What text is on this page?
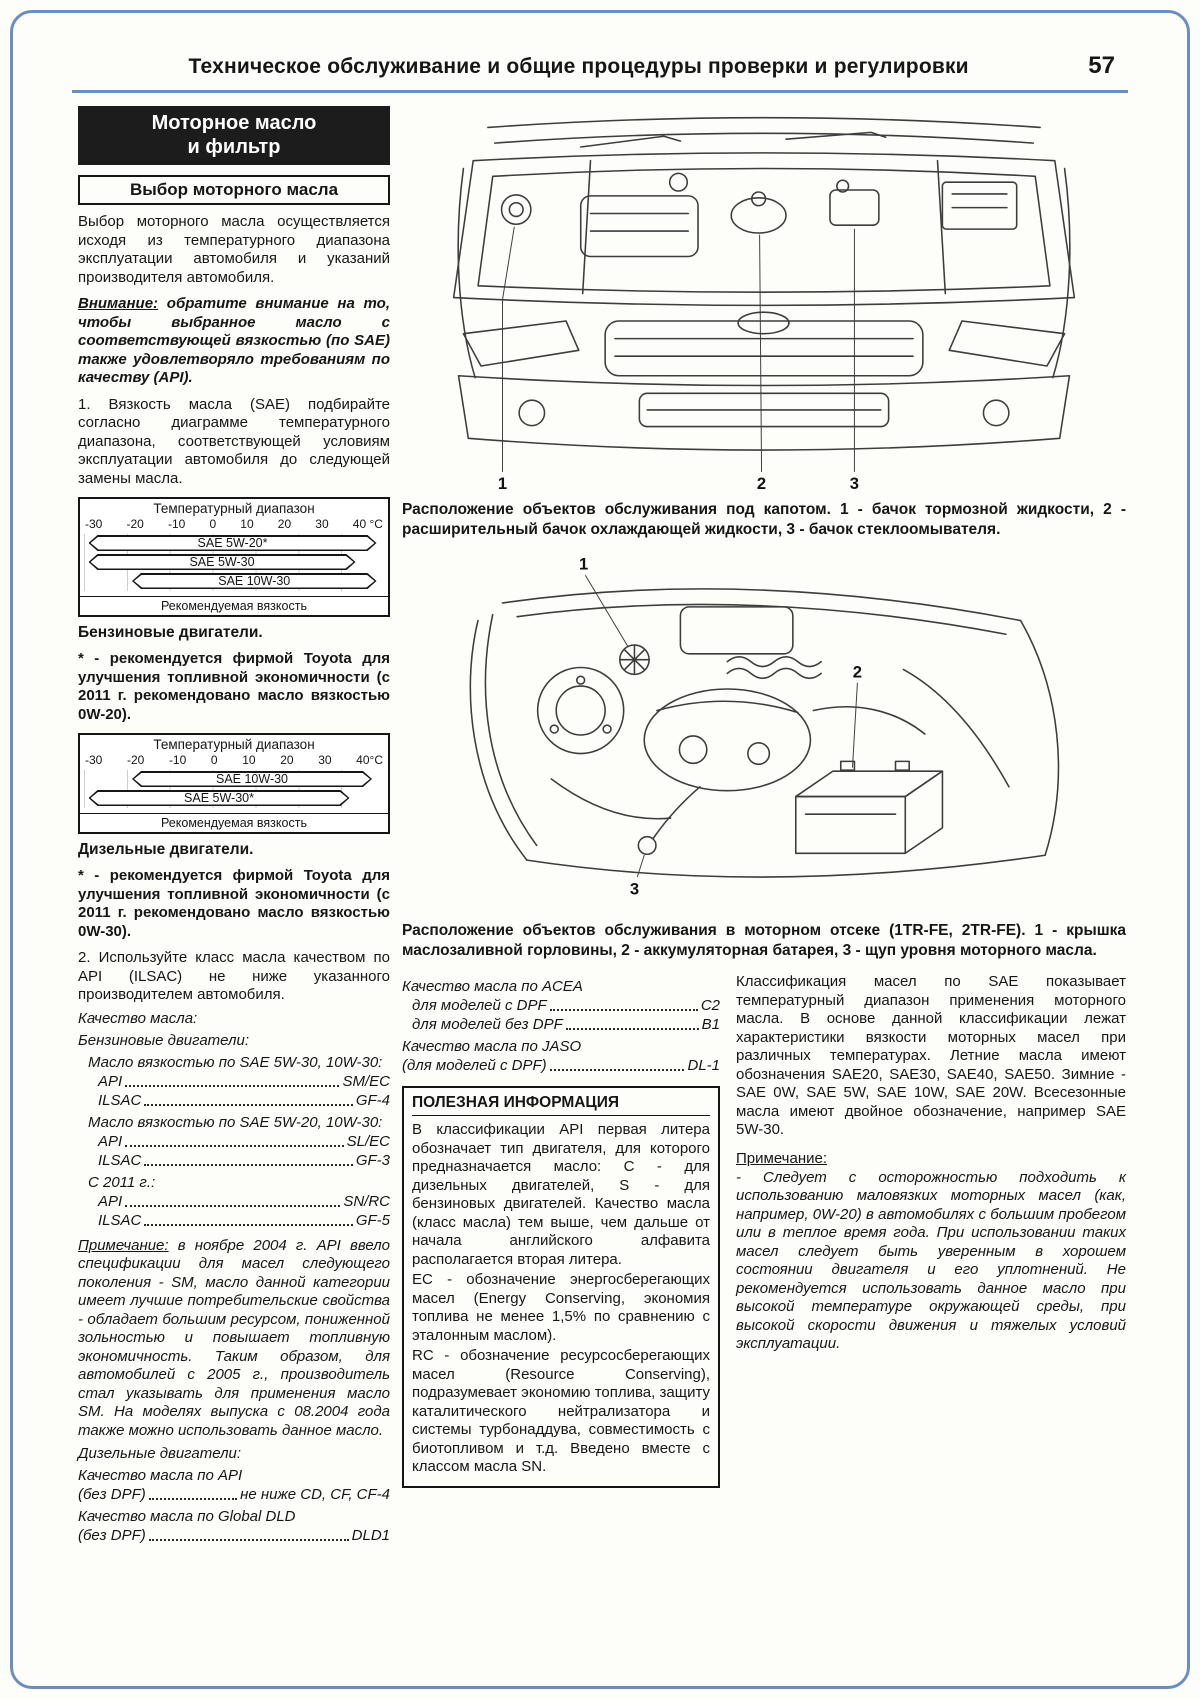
Техническое обслуживание и общие процедуры проверки и регулировки	57
Моторное масло
и фильтр
Выбор моторного масла

Выбор моторного масла осуществляется исходя из температурного диапазона эксплуатации автомобиля и указаний производителя автомобиля.

Внимание: обратите внимание на то, чтобы выбранное масло с соответствующей вязкостью (по SAE) также удовлетворяло требованиям по качеству (API).

1. Вязкость масла (SAE) подбирайте согласно диаграмме температурного диапазона, соответствующей условиям эксплуатации автомобиля до следующей замены масла.

Температурный диапазон
-30 -20 -10 0 10 20 30 40 °C
SAE 5W-20*
SAE 5W-30
SAE 10W-30
Рекомендуемая вязкость
Бензиновые двигатели.

* - рекомендуется фирмой Toyota для улучшения топливной экономичности (с 2011 г. рекомендовано масло вязкостью 0W-20).

Температурный диапазон
-30 -20 -10 0 10 20 30 40°C
SAE 10W-30
SAE 5W-30*
Рекомендуемая вязкость
Дизельные двигатели.

* - рекомендуется фирмой Toyota для улучшения топливной экономичности (с 2011 г. рекомендовано масло вязкостью 0W-30).

2. Используйте класс масла качеством по API (ILSAC) не ниже указанного производителем автомобиля.

Качество масла:
Бензиновые двигатели:
Масло вязкостью по SAE 5W-30, 10W-30:
API	SM/EC
ILSAC	GF-4
Масло вязкостью по SAE 5W-20, 10W-30:
API	SL/EC
ILSAC	GF-3
С 2011 г.:
API	SN/RC
ILSAC	GF-5

Примечание: в ноябре 2004 г. API ввело спецификации для масел следующего поколения - SM, масло данной категории имеет лучшие потребительские свойства - обладает большим ресурсом, пониженной зольностью и повышает топливную экономичность. Таким образом, для автомобилей с 2005 г., производитель стал указывать для применения масло SM. На моделях выпуска с 08.2004 года также можно использовать данное масло.

Дизельные двигатели:
Качество масла по API
(без DPF)	не ниже CD, CF, CF-4
Качество масла по Global DLD
(без DPF)	DLD1
1	2	3
Расположение объектов обслуживания под капотом. 1 - бачок тормозной жидкости, 2 - расширительный бачок охлаждающей жидкости, 3 - бачок стеклоомывателя.
1
2
3
Расположение объектов обслуживания в моторном отсеке (1TR-FE, 2TR-FE). 1 - крышка маслозаливной горловины, 2 - аккумуляторная батарея, 3 - щуп уровня моторного масла.
Качество масла по ACEA
для моделей с DPF	C2
для моделей без DPF	B1
Качество масла по JASO
(для моделей с DPF)	DL-1
ПОЛЕЗНАЯ ИНФОРМАЦИЯ

В классификации API первая литера обозначает тип двигателя, для которого предназначается масло: C - для дизельных двигателей, S - для бензиновых двигателей. Качество масла (класс масла) тем выше, чем дальше от начала английского алфавита располагается вторая литера.

EC - обозначение энергосберегающих масел (Energy Conserving, экономия топлива не менее 1,5% по сравнению с эталонным маслом).

RC - обозначение ресурсосберегающих масел (Resource Conserving), подразумевает экономию топлива, защиту каталитического нейтрализатора и системы турбонаддува, совместимость с биотопливом и т.д. Введено вместе с классом масла SN.

Классификация масел по SAE показывает температурный диапазон применения моторного масла. В основе данной классификации лежат характеристики вязкости моторных масел при различных температурах. Летние масла имеют обозначения SAE20, SAE30, SAE40, SAE50. Зимние - SAE 0W, SAE 5W, SAE 10W, SAE 20W. Всесезонные масла имеют двойное обозначение, например SAE 5W-30.

Примечание:

- Следует с осторожностью подходить к использованию маловязких моторных масел (как, например, 0W-20) в автомобилях с большим пробегом или в теплое время года. При использовании таких масел следует быть уверенным в хорошем состоянии двигателя и его уплотнений. Не рекомендуется использовать данное масло при высокой температуре окружающей среды, при высокой скорости движения и тяжелых условий эксплуатации.
